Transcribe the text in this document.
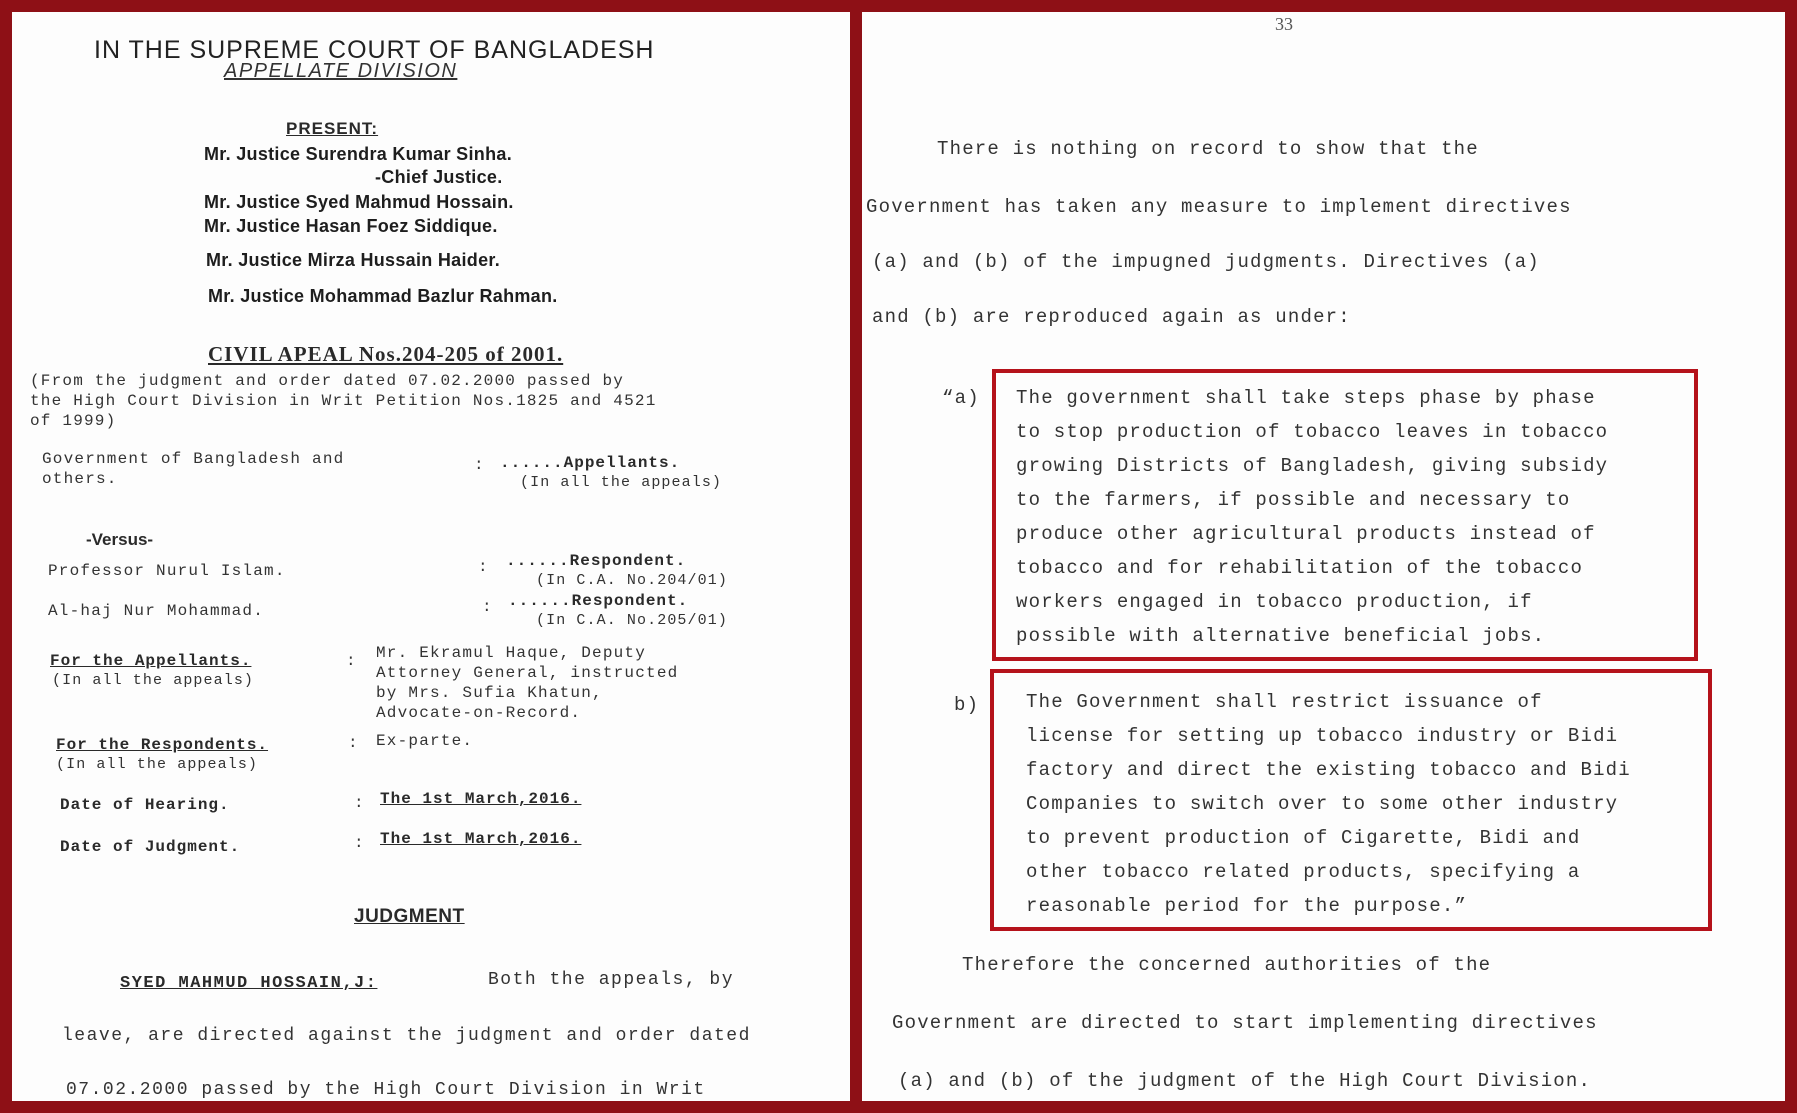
IN THE SUPREME COURT OF BANGLADESH
APPELLATE DIVISION
PRESENT:
Mr. Justice Surendra Kumar Sinha.
-Chief Justice.
Mr. Justice Syed Mahmud Hossain.
Mr. Justice Hasan Foez Siddique.
Mr. Justice Mirza Hussain Haider.
Mr. Justice Mohammad Bazlur Rahman.
CIVIL APEAL Nos.204-205 of 2001.
(From the judgment and order dated 07.02.2000 passed by
the High Court Division in Writ Petition Nos.1825 and 4521
of 1999)
Government of Bangladesh and
others.
: ......Appellants.
(In all the appeals)
-Versus-
Professor Nurul Islam.	: ......Respondent.
(In C.A. No.204/01)
Al-haj Nur Mohammad.	: ......Respondent.
(In C.A. No.205/01)
For the Appellants.
(In all the appeals)
: Mr. Ekramul Haque, Deputy
Attorney General, instructed
by Mrs. Sufia Khatun,
Advocate-on-Record.
For the Respondents.
(In all the appeals)
: Ex-parte.
Date of Hearing.	: The 1st March,2016.
Date of Judgment.	: The 1st March,2016.
JUDGMENT
SYED MAHMUD HOSSAIN,J:	Both the appeals, by
leave, are directed against the judgment and order dated
07.02.2000 passed by the High Court Division in Writ
33
There is nothing on record to show that the
Government has taken any measure to implement directives
(a) and (b) of the impugned judgments. Directives (a)
and (b) are reproduced again as under:
“a) The government shall take steps phase by phase
to stop production of tobacco leaves in tobacco
growing Districts of Bangladesh, giving subsidy
to the farmers, if possible and necessary to
produce other agricultural products instead of
tobacco and for rehabilitation of the tobacco
workers engaged in tobacco production, if
possible with alternative beneficial jobs.
b) The Government shall restrict issuance of
license for setting up tobacco industry or Bidi
factory and direct the existing tobacco and Bidi
Companies to switch over to some other industry
to prevent production of Cigarette, Bidi and
other tobacco related products, specifying a
reasonable period for the purpose.”
Therefore the concerned authorities of the
Government are directed to start implementing directives
(a) and (b) of the judgment of the High Court Division.
